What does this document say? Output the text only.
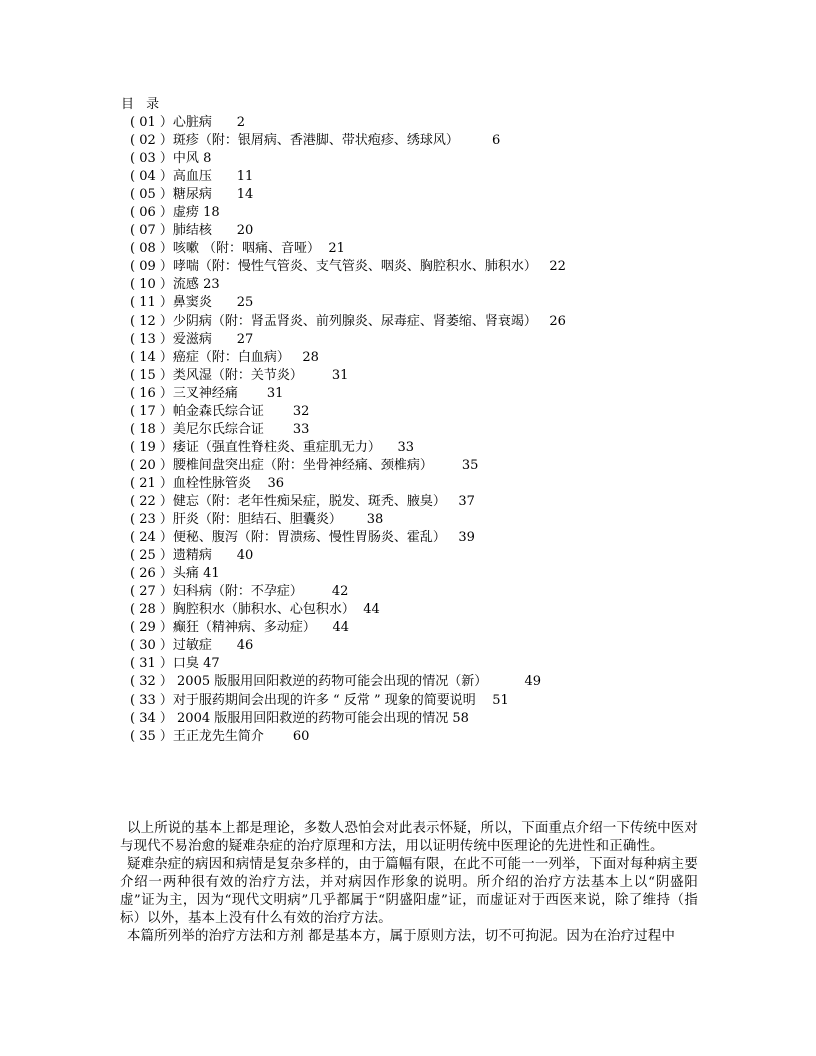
目 录
( 01 ）心脏病 2
( 02 ）斑疹（附：银屑病、香港脚、带状疱疹、绣球风）	6
( 03 ）中风 8
( 04 ）高血压 11
( 05 ）糖尿病 14
( 06 ）虚痨 18
( 07 ）肺结核 20
( 08 ）咳嗽 （附：咽痛、音哑） 21
( 09 ）哮喘（附：慢性气管炎、支气管炎、咽炎、胸腔积水、肺积水） 22
( 10 ）流感 23
( 11 ）鼻窦炎 25
( 12 ）少阴病（附：肾盂肾炎、前列腺炎、尿毒症、肾萎缩、肾衰竭） 26
( 13 ）爱滋病 27
( 14 ）癌症（附：白血病） 28
( 15 ）类风湿（附：关节炎） 31
( 16 ）三叉神经痛 31
( 17 ）帕金森氏综合证 32
( 18 ）美尼尔氏综合证 33
( 19 ）痿证（强直性脊柱炎、重症肌无力） 33
( 20 ）腰椎间盘突出症（附：坐骨神经痛、颈椎病） 35
( 21 ）血栓性脉管炎 36
( 22 ）健忘（附：老年性痴呆症，脱发、斑秃、腋臭） 37
( 23 ）肝炎（附：胆结石、胆囊炎） 38
( 24 ）便秘、腹泻（附：胃溃疡、慢性胃肠炎、霍乱） 39
( 25 ）遗精病 40
( 26 ）头痛 41
( 27 ）妇科病（附：不孕症） 42
( 28 ）胸腔积水（肺积水、心包积水） 44
( 29 ）癫狂（精神病、多动症） 44
( 30 ）过敏症 46
( 31 ）口臭 47
( 32 ） 2005 版服用回阳救逆的药物可能会出现的情况（新）	49
( 33 ）对于服药期间会出现的许多 “ 反常 ” 现象的简要说明 51
( 34 ） 2004 版服用回阳救逆的药物可能会出现的情况 58
( 35 ）王正龙先生简介 60

以上所说的基本上都是理论，多数人恐怕会对此表示怀疑，所以，下面重点介绍一下传统中医对与现代不易治愈的疑难杂症的治疗原理和方法，用以证明传统中医理论的先进性和正确性。

疑难杂症的病因和病情是复杂多样的，由于篇幅有限，在此不可能一一列举，下面对每种病主要介绍一两种很有效的治疗方法，并对病因作形象的说明。所介绍的治疗方法基本上以“阴盛阳虚”证为主，因为“现代文明病”几乎都属于“阴盛阳虚”证，而虚证对于西医来说，除了维持（指标）以外，基本上没有什么有效的治疗方法。

本篇所列举的治疗方法和方剂 都是基本方，属于原则方法，切不可拘泥。因为在治疗过程中
